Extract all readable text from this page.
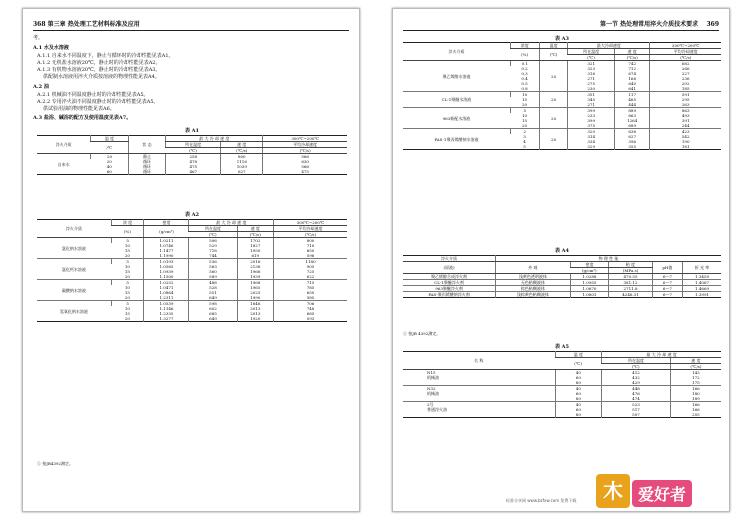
368 第三章 热处理工艺材料标准及应用
考。
A.1 水及水溶液
A.1.1 自来水不同温度下，静止与循环时的冷却性能见表A1。
A.1.2 无机盐水溶液20℃，静止时的冷却性能见表A2。
A.1.3 有机物水溶液20℃，静止时的冷却性能见表A3。
供配制水溶液用淬火介质按溶液的物理性能见表A4。
A.2 油
A.2.1 机械油不同温度静止时的冷却性能见表A5。
A.2.2 专用淬火油不同温度静止时的冷却性能见表A5。
供试验用油的物理性能见表A6。
A.3 盐浴、碱浴的配方及使用温度见表A7。
表 A1
淬火介质	温 度	状 态	最 大 冷 却 速 度		300℃~200℃
	/℃		所在温度	速 度	平均冷却速度
			(℃)	(℃/s)	(℃/s)
自来水	20	静止	258	800	566
	20	循环	478	1116	630
	40	循环	475	1039	566
	60	循环	467	627	475
表 A2
淬火介质	浓 度	密度	最 大 冷 却 速 度		300℃~200℃
	(%)	(g/cm³)	所在温度	速 度	平均冷却速度
			(℃)	(℃/s)	(℃/s)
氯化钠水溶液	5	1.0211	506	1702	800
	10	1.0746	529	1827	710
	15	1.1477	718	1950	650
	20	1.1990	744	619	596
氯化钙水溶液	5	1.0193	536	2016	1180
	10	1.0565	563	2136	905
	15	1.0939	560	1966	725
	20	1.1500	589	1939	622
碳酸钠水溶液	5	1.0252	488	1968	715
	10	1.0471	528	1965	785
	15	1.0864	551	2025	650
	20	1.2311	649	1990	585
氢氧化钠水溶液	5	1.0539	598	1846	706
	10	1.1146	602	2013	748
	15	1.2335	685	2013	685
	20	1.3277	649	1920	593
① 按JB4392测定。
第一节 热处理常用淬火介质技术要求 369
表 A3
淬火介质	浓度	温度	最大冷却速度		300℃~200℃
	(%)	(℃)	所在温度	速 度	平均冷却速度
			(℃)	(℃/s)	(℃/s)
聚乙烯醇水溶液	0.1	20	321	742	682
	0.2		323	712	266
	0.3		316	674	227
	0.4		271	166	236
	0.5		275	640	202
	0.8		230	641	185
CL-1聚醚水溶液	10	20	351	117	591
	15		345	465	295
	20		271	444	263
963新配水溶液	5	20	399	889	863
	10		233	663	493
	15		399	1264	391
	20		375	689	244
PAS-1聚丙烯酸钠水溶液	2	20	320	636	423
	3		314	627	542
	4		334	396	190
	5		329	355	181
表 A4
淬火介质	物 理 性 能				
(原液)	外 观	密度	粘 度	pH值	折 光 率
		(g/cm³)	(MPa.s)		
聚乙烯醇合成淬火剂	浅黄色透明液体	1.0288	470.55	6～7	1.3459
CL-1聚醚淬火剂	无色粘稠液体	1.0955	381.12	6～7	1.4067
963聚醚淬火剂	棕色粘稠液体	1.0670	2711.8	6～7	1.4669
PAS-聚丙烯酸钠淬火剂	浅棕黄色粘稠液体	1.0801	4246.31	6～7	1.3991
① 按JB 4392测定。
表 A5
名 称	温 度	最 大 冷 却 速 度	
	(℃)	所在温度	速 度
		(℃)	(℃/s)
N15	40	412	143
机械油	60	432	172
	80	429	175
N32	40	448	166
机械油	60	476	180
	80	474	189
2号	40	523	166
普通淬火油	60	517	166
	80	507	255
标准分享网 www.bzfxw.com 免费下载	木 爱好者
